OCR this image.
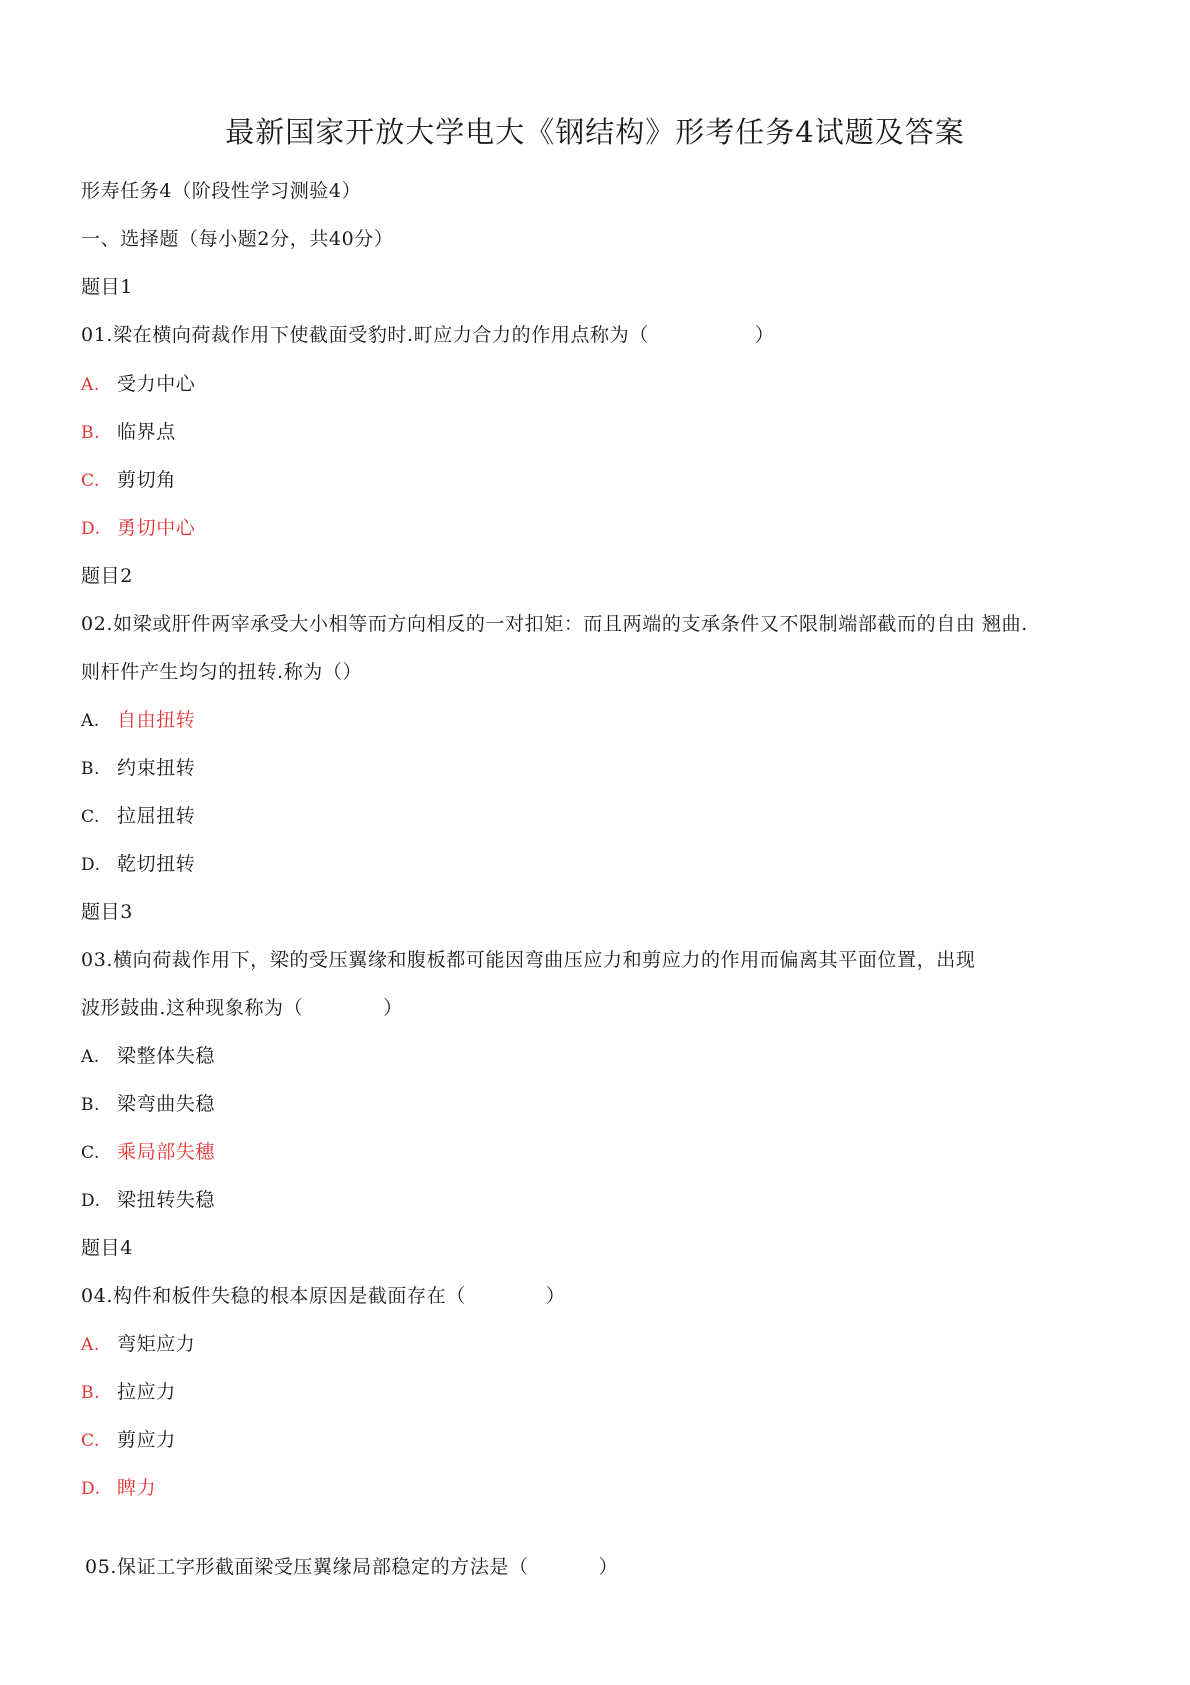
最新国家开放大学电大《钢结构》形考任务4试题及答案
形寿任务4（阶段性学习测验4）
一、选择题（每小题2分，共40分）
题目1
01.梁在横向荷裁作用下使截面受豹时.町应力合力的作用点称为（	）
A. 受力中心
B. 临界点
C. 剪切角
D. 勇切中心
题目2
02.如梁或肝件两宰承受大小相等而方向相反的一对扣矩：而且两端的支承条件又不限制端部截而的自由 翘曲.
则杆件产生均匀的扭转.称为（）
A. 自由扭转
B. 约束扭转
C. 拉屈扭转
D. 乾切扭转
题目3
03.横向荷裁作用下，梁的受压翼缘和腹板都可能因弯曲压应力和剪应力的作用而偏离其平面位置，出现
波形鼓曲.这种现象称为（	）
A. 梁整体失稳
B. 梁弯曲失稳
C. 乘局部失穗
D. 梁扭转失稳
题目4
04.构件和板件失稳的根本原因是截面存在（	）
A. 弯矩应力
B. 拉应力
C. 剪应力
D. 睥力
05.保证工字形截面梁受压翼缘局部稳定的方法是（	）
